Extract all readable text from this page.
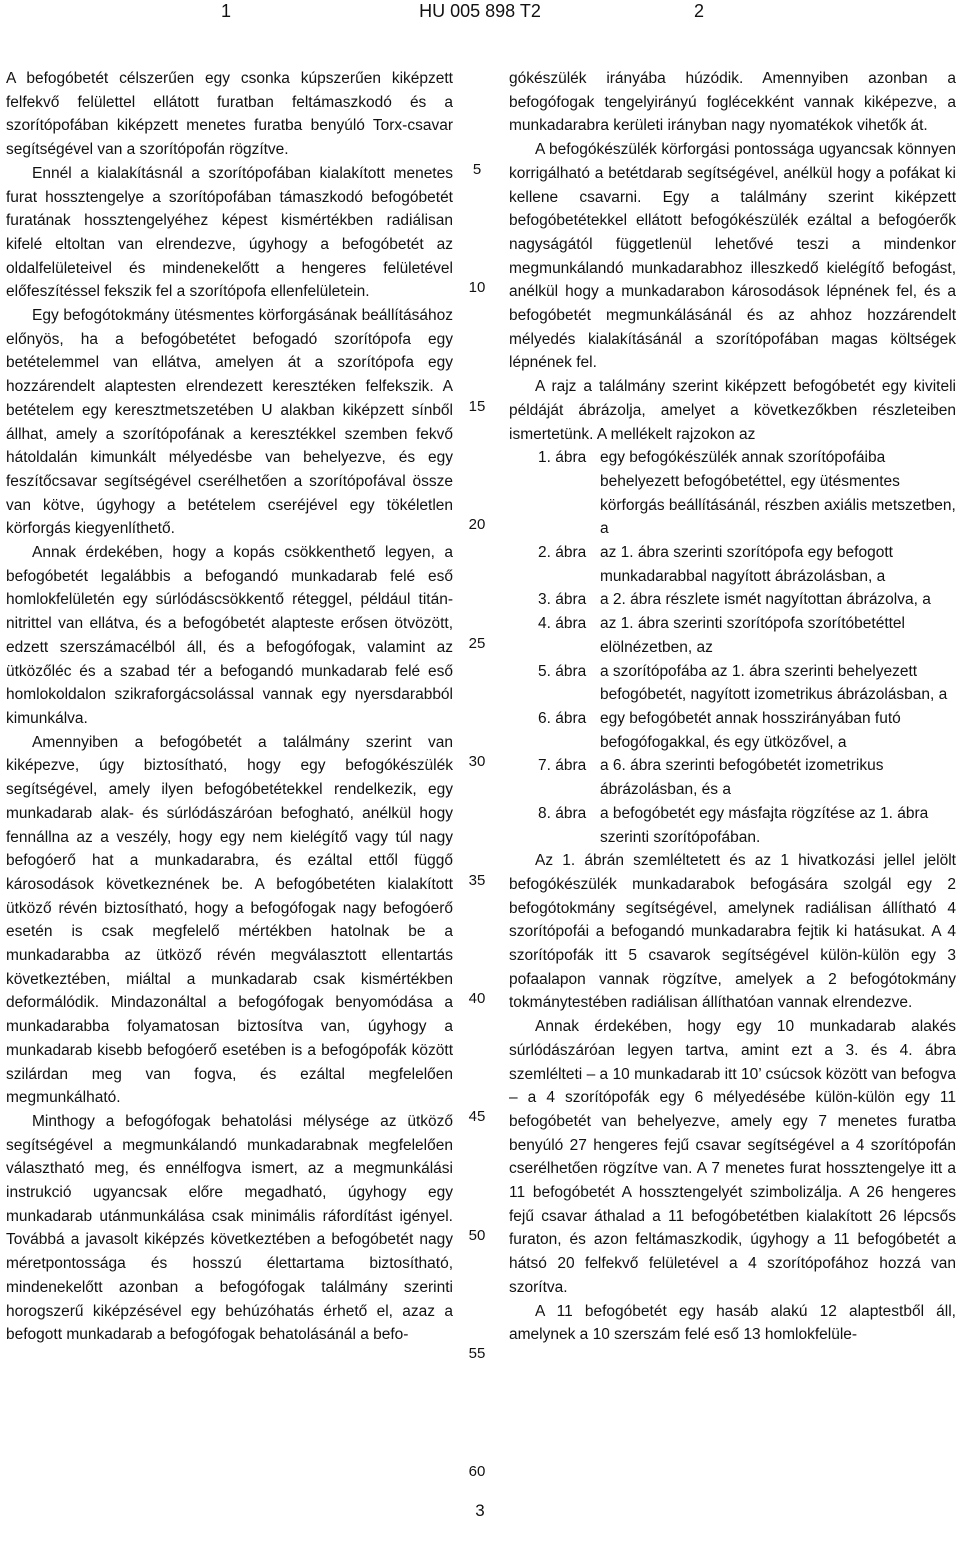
1	HU 005 898 T2	2

A befogóbetét célszerűen egy csonka kúpszerűen kiképzett felfekvő felülettel ellátott furatban feltámaszkodó és a szorítópofában kiképzett menetes furatba benyúló Torx-csavar segítségével van a szorítópofán rögzítve.

Ennél a kialakításnál a szorítópofában kialakított menetes furat hossztengelye a szorítópofában támaszkodó befogóbetét furatának hossztengelyéhez képest kismértékben radiálisan kifelé eltoltan van elrendezve, úgyhogy a befogóbetét az oldalfelületeivel és mindenekelőtt a hengeres felületével előfeszítéssel fekszik fel a szorítópofa ellenfelületein.

Egy befogótokmány ütésmentes körforgásának beállításához előnyös, ha a befogóbetétet befogadó szorítópofa egy betételemmel van ellátva, amelyen át a szorítópofa egy hozzárendelt alaptesten elrendezett keresztéken felfekszik. A betételem egy keresztmetszetében U alakban kiképzett sínből állhat, amely a szorítópofának a keresztékkel szemben fekvő hátoldalán kimunkált mélyedésbe van behelyezve, és egy feszítőcsavar segítségével cserélhetően a szorítópofával össze van kötve, úgyhogy a betételem cseréjével egy tökéletlen körforgás kiegyenlíthető.

Annak érdekében, hogy a kopás csökkenthető legyen, a befogóbetét legalábbis a befogandó munkadarab felé eső homlokfelületén egy súrlódáscsökkentő réteggel, például titán-nitrittel van ellátva, és a befogóbetét alapteste erősen ötvözött, edzett szerszámacélból áll, és a befogófogak, valamint az ütközőléc és a szabad tér a befogandó munkadarab felé eső homlokoldalon szikraforgácsolással vannak egy nyersdarabból kimunkálva.

Amennyiben a befogóbetét a találmány szerint van kiképezve, úgy biztosítható, hogy egy befogókészülék segítségével, amely ilyen befogóbetétekkel rendelkezik, egy munkadarab alak- és súrlódászáróan befogható, anélkül hogy fennállna az a veszély, hogy egy nem kielégítő vagy túl nagy befogóerő hat a munkadarabra, és ezáltal ettől függő károsodások következnének be. A befogóbetéten kialakított ütköző révén biztosítható, hogy a befogófogak nagy befogóerő esetén is csak megfelelő mértékben hatolnak be a munkadarabba az ütköző révén megválasztott ellentartás következtében, miáltal a munkadarab csak kismértékben deformálódik. Mindazonáltal a befogófogak benyomódása a munkadarabba folyamatosan biztosítva van, úgyhogy a munkadarab kisebb befogóerő esetében is a befogópofák között szilárdan meg van fogva, és ezáltal megfelelően megmunkálható.

Minthogy a befogófogak behatolási mélysége az ütköző segítségével a megmunkálandó munkadarabnak megfelelően választható meg, és ennélfogva ismert, az a megmunkálási instrukció ugyancsak előre megadható, úgyhogy egy munkadarab utánmunkálása csak minimális ráfordítást igényel. Továbbá a javasolt kiképzés következtében a befogóbetét nagy méretpontossága és hosszú élettartama biztosítható, mindenekelőtt azonban a befogófogak találmány szerinti horogszerű kiképzésével egy behúzóhatás érhető el, azaz a befogott munkadarab a befogófogak behatolásánál a befo-

5
10
15
20
25
30
35
40
45
50
55
60

gókészülék irányába húzódik. Amennyiben azonban a befogófogak tengelyirányú foglécekként vannak kiképezve, a munkadarabra kerületi irányban nagy nyomatékok vihetők át.

A befogókészülék körforgási pontossága ugyancsak könnyen korrigálható a betétdarab segítségével, anélkül hogy a pofákat ki kellene csavarni. Egy a találmány szerint kiképzett befogóbetétekkel ellátott befogókészülék ezáltal a befogóerők nagyságától függetlenül lehetővé teszi a mindenkor megmunkálandó munkadarabhoz illeszkedő kielégítő befogást, anélkül hogy a munkadarabon károsodások lépnének fel, és a befogóbetét megmunkálásánál és az ahhoz hozzárendelt mélyedés kialakításánál a szorítópofában magas költségek lépnének fel.

A rajz a találmány szerint kiképzett befogóbetét egy kiviteli példáját ábrázolja, amelyet a következőkben részleteiben ismertetünk. A mellékelt rajzokon az

1. ábra egy befogókészülék annak szorítópofáiba behelyezett befogóbetéttel, egy ütésmentes körforgás beállításánál, részben axiális metszetben, a
2. ábra az 1. ábra szerinti szorítópofa egy befogott munkadarabbal nagyított ábrázolásban, a
3. ábra a 2. ábra részlete ismét nagyítottan ábrázolva, a
4. ábra az 1. ábra szerinti szorítópofa szorítóbetéttel elölnézetben, az
5. ábra a szorítópofába az 1. ábra szerinti behelyezett befogóbetét, nagyított izometrikus ábrázolásban, a
6. ábra egy befogóbetét annak hosszirányában futó befogófogakkal, és egy ütközővel, a
7. ábra a 6. ábra szerinti befogóbetét izometrikus ábrázolásban, és a
8. ábra a befogóbetét egy másfajta rögzítése az 1. ábra szerinti szorítópofában.

Az 1. ábrán szemléltetett és az 1 hivatkozási jellel jelölt befogókészülék munkadarabok befogására szolgál egy 2 befogótokmány segítségével, amelynek radiálisan állítható 4 szorítópofái a befogandó munkadarabra fejtik ki hatásukat. A 4 szorítópofák itt 5 csavarok segítségével külön-külön egy 3 pofaalapon vannak rögzítve, amelyek a 2 befogótokmány tokmánytestében radiálisan állíthatóan vannak elrendezve.

Annak érdekében, hogy egy 10 munkadarab alakés súrlódászáróan legyen tartva, amint ezt a 3. és 4. ábra szemlélteti – a 10 munkadarab itt 10’ csúcsok között van befogva – a 4 szorítópofák egy 6 mélyedésébe külön-külön egy 11 befogóbetét van behelyezve, amely egy 7 menetes furatba benyúló 27 hengeres fejű csavar segítségével a 4 szorítópofán cserélhetően rögzítve van. A 7 menetes furat hossztengelye itt a 11 befogóbetét A hossztengelyét szimbolizálja. A 26 hengeres fejű csavar áthalad a 11 befogóbetétben kialakított 26 lépcsős furaton, és azon feltámaszkodik, úgyhogy a 11 befogóbetét a hátsó 20 felfekvő felületével a 4 szorítópofához hozzá van szorítva.

A 11 befogóbetét egy hasáb alakú 12 alaptestből áll, amelynek a 10 szerszám felé eső 13 homlokfelüle-

3
